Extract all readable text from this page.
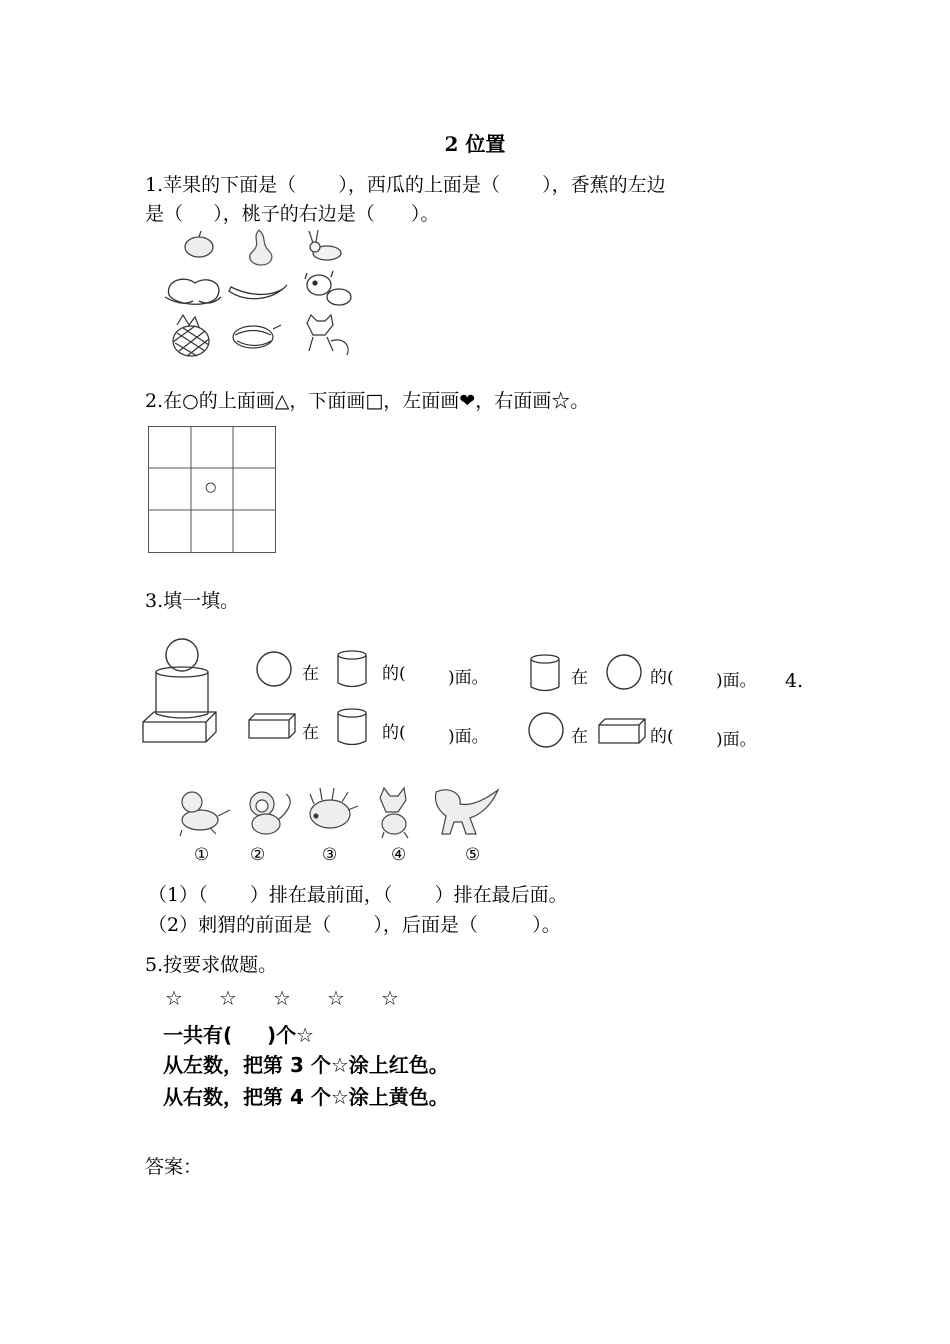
2 位置
1.苹果的下面是（       ），西瓜的上面是（       ），香蕉的左边
是（     ），桃子的右边是（      ）。
2.在○的上面画△，下面画□，左面画❤，右面画☆。
○
3.填一填。
在	的( )面。	在	的( )面。 4.
在	的( )面。	在	的( )面。
① ②	③	④	⑤
（1）（       ）排在最前面，（       ）排在最后面。
（2）刺猬的前面是（       ），后面是（         ）。
5.按要求做题。
☆ ☆ ☆ ☆ ☆
一共有(     )个☆
从左数，把第 3 个☆涂上红色。
从右数，把第 4 个☆涂上黄色。
答案：
